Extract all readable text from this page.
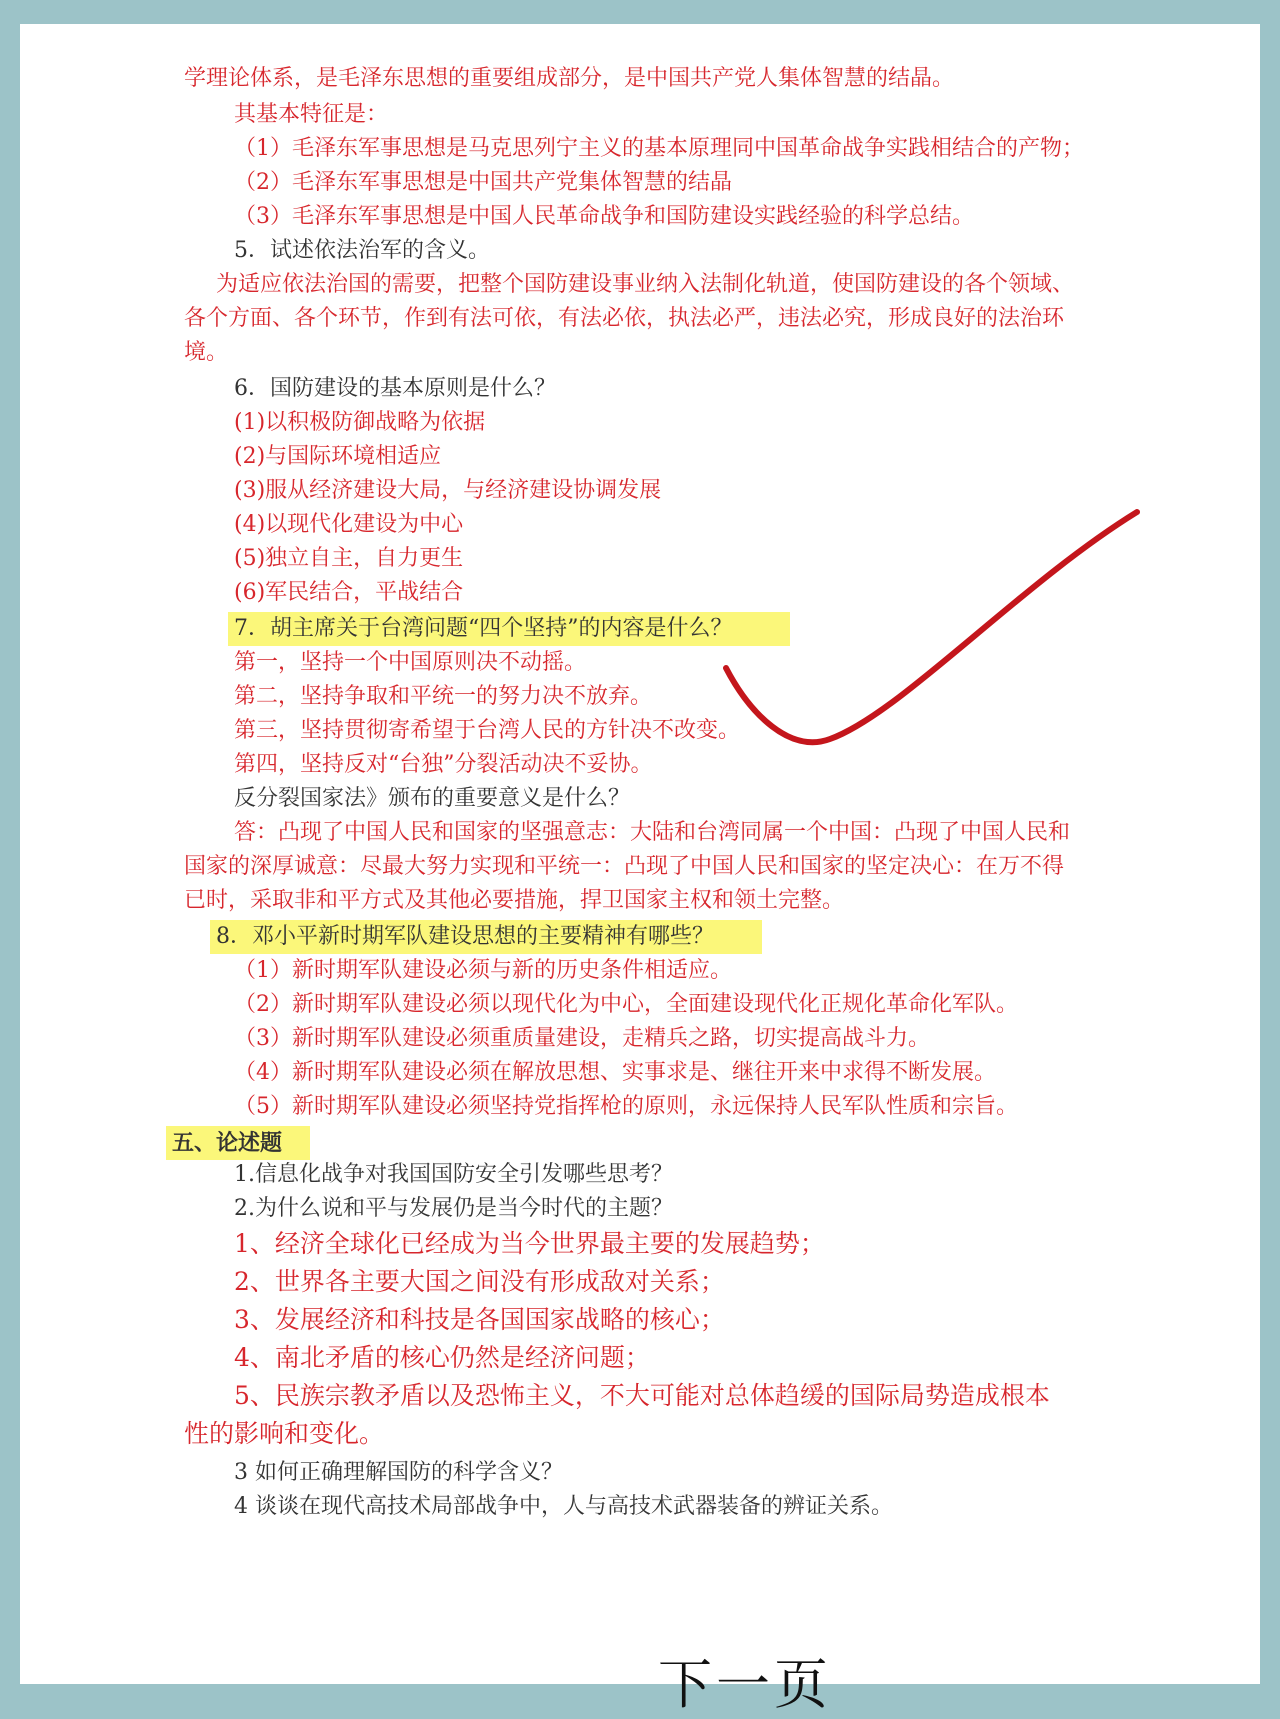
学理论体系，是毛泽东思想的重要组成部分，是中国共产党人集体智慧的结晶。
其基本特征是：
（1）毛泽东军事思想是马克思列宁主义的基本原理同中国革命战争实践相结合的产物；
（2）毛泽东军事思想是中国共产党集体智慧的结晶
（3）毛泽东军事思想是中国人民革命战争和国防建设实践经验的科学总结。
5．试述依法治军的含义。
为适应依法治国的需要，把整个国防建设事业纳入法制化轨道，使国防建设的各个领域、
各个方面、各个环节，作到有法可依，有法必依，执法必严，违法必究，形成良好的法治环
境。
6．国防建设的基本原则是什么？
(1)以积极防御战略为依据
(2)与国际环境相适应
(3)服从经济建设大局，与经济建设协调发展
(4)以现代化建设为中心
(5)独立自主，自力更生
(6)军民结合，平战结合
7．胡主席关于台湾问题“四个坚持”的内容是什么？
第一，坚持一个中国原则决不动摇。
第二，坚持争取和平统一的努力决不放弃。
第三，坚持贯彻寄希望于台湾人民的方针决不改变。
第四，坚持反对“台独”分裂活动决不妥协。
反分裂国家法》颁布的重要意义是什么？
答：凸现了中国人民和国家的坚强意志：大陆和台湾同属一个中国：凸现了中国人民和
国家的深厚诚意：尽最大努力实现和平统一：凸现了中国人民和国家的坚定决心：在万不得
已时，采取非和平方式及其他必要措施，捍卫国家主权和领土完整。
8．邓小平新时期军队建设思想的主要精神有哪些？
（1）新时期军队建设必须与新的历史条件相适应。
（2）新时期军队建设必须以现代化为中心，全面建设现代化正规化革命化军队。
（3）新时期军队建设必须重质量建设，走精兵之路，切实提高战斗力。
（4）新时期军队建设必须在解放思想、实事求是、继往开来中求得不断发展。
（5）新时期军队建设必须坚持党指挥枪的原则，永远保持人民军队性质和宗旨。
五、论述题
1.信息化战争对我国国防安全引发哪些思考？
2.为什么说和平与发展仍是当今时代的主题？
1、经济全球化已经成为当今世界最主要的发展趋势；
2、世界各主要大国之间没有形成敌对关系；
3、发展经济和科技是各国国家战略的核心；
4、南北矛盾的核心仍然是经济问题；
5、民族宗教矛盾以及恐怖主义，不大可能对总体趋缓的国际局势造成根本
性的影响和变化。
3 如何正确理解国防的科学含义？
4 谈谈在现代高技术局部战争中，人与高技术武器装备的辨证关系。
下一页
